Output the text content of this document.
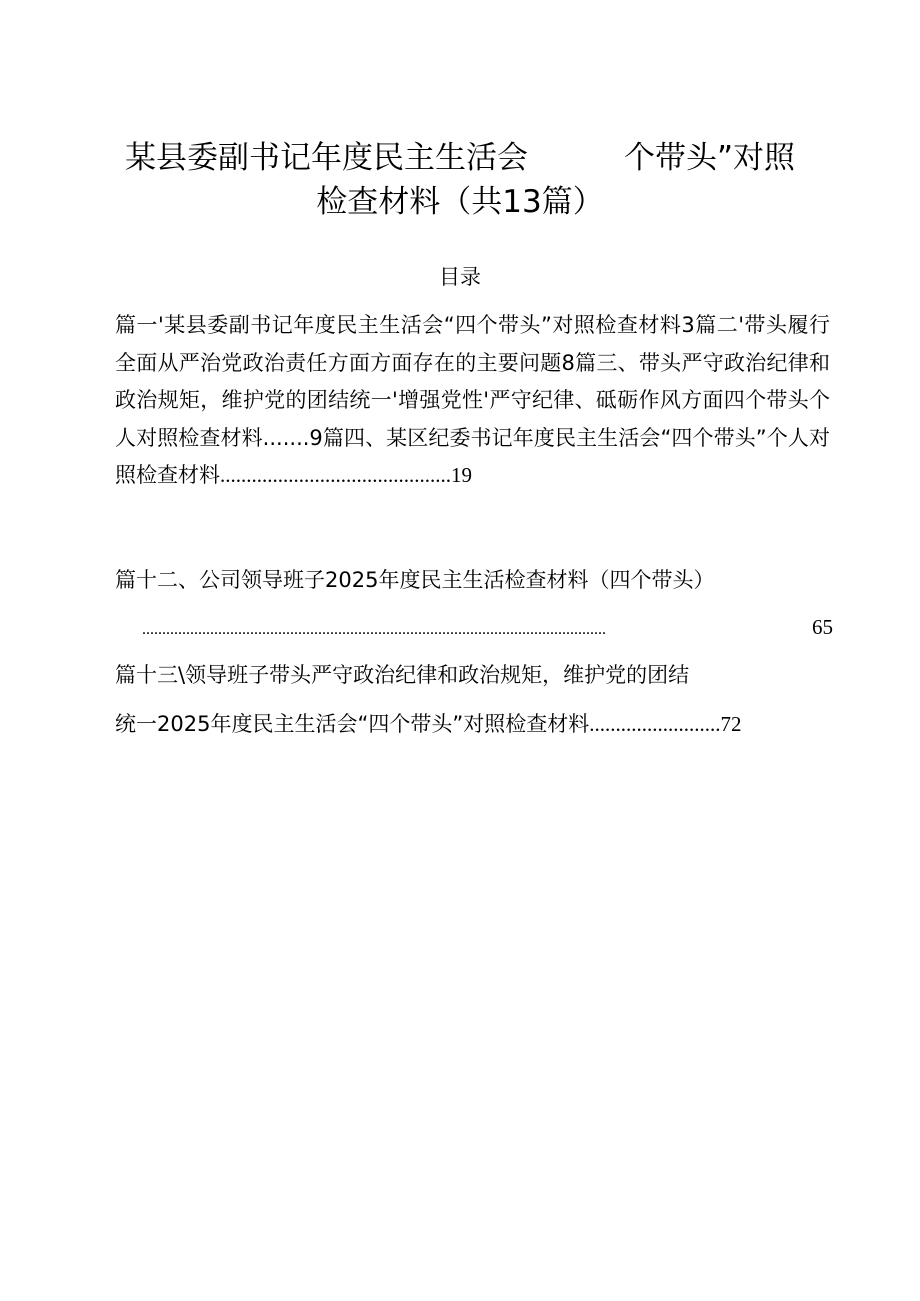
某县委副书记年度民主生活会	个带头”对照
检查材料（共13篇）
目录
篇一'某县委副书记年度民主生活会“四个带头”对照检查材料3篇二'带头履行全面从严治党政治责任方面方面存在的主要问题8篇三、带头严守政治纪律和政治规矩，维护党的团结统一'增强党性'严守纪律、砥砺作风方面四个带头个人对照检查材料.......9篇四、某区纪委书记年度民主生活会“四个带头”个人对照检查材料............................................19
篇十二、公司领导班子2025年度民主生活检查材料（四个带头）
....................................................................................................................	65
篇十三\领导班子带头严守政治纪律和政治规矩，维护党的团结
统一2025年度民主生活会“四个带头”对照检查材料.........................72
